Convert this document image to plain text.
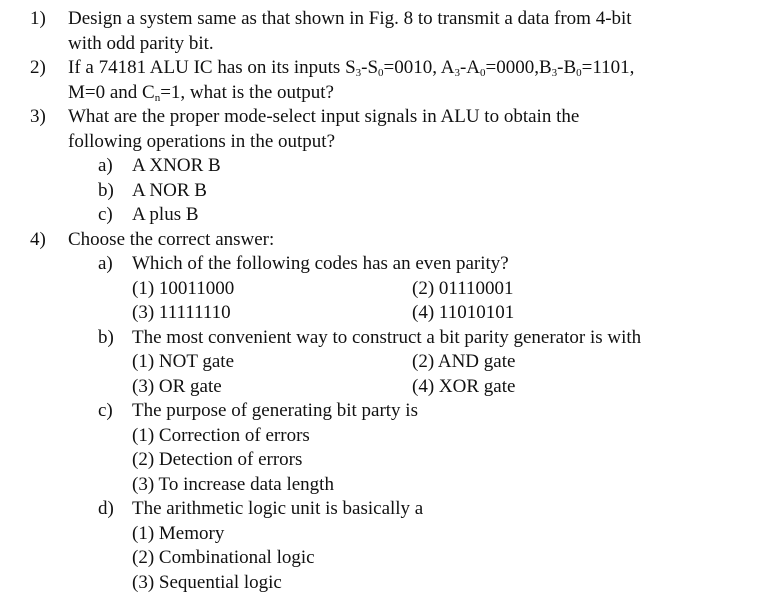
1) Design a system same as that shown in Fig. 8 to transmit a data from 4-bit
with odd parity bit.
2) If a 74181 ALU IC has on its inputs $S_3-S_0=0010$, $A_3-A_0=0000,B_3-B_0=1101$,
M=0 and $C_n=1$, what is the output?
3) What are the proper mode-select input signals in ALU to obtain the
following operations in the output?
a) A XNOR B
b) A NOR B
c) A plus B
4) Choose the correct answer:
a) Which of the following codes has an even parity?
(1) 10011000	(2) 01110001
(3) 11111110	(4) 11010101
b) The most convenient way to construct a bit parity generator is with
(1) NOT gate	(2) AND gate
(3) OR gate	(4) XOR gate
c) The purpose of generating bit party is
(1) Correction of errors
(2) Detection of errors
(3) To increase data length
d) The arithmetic logic unit is basically a
(1) Memory
(2) Combinational logic
(3) Sequential logic
